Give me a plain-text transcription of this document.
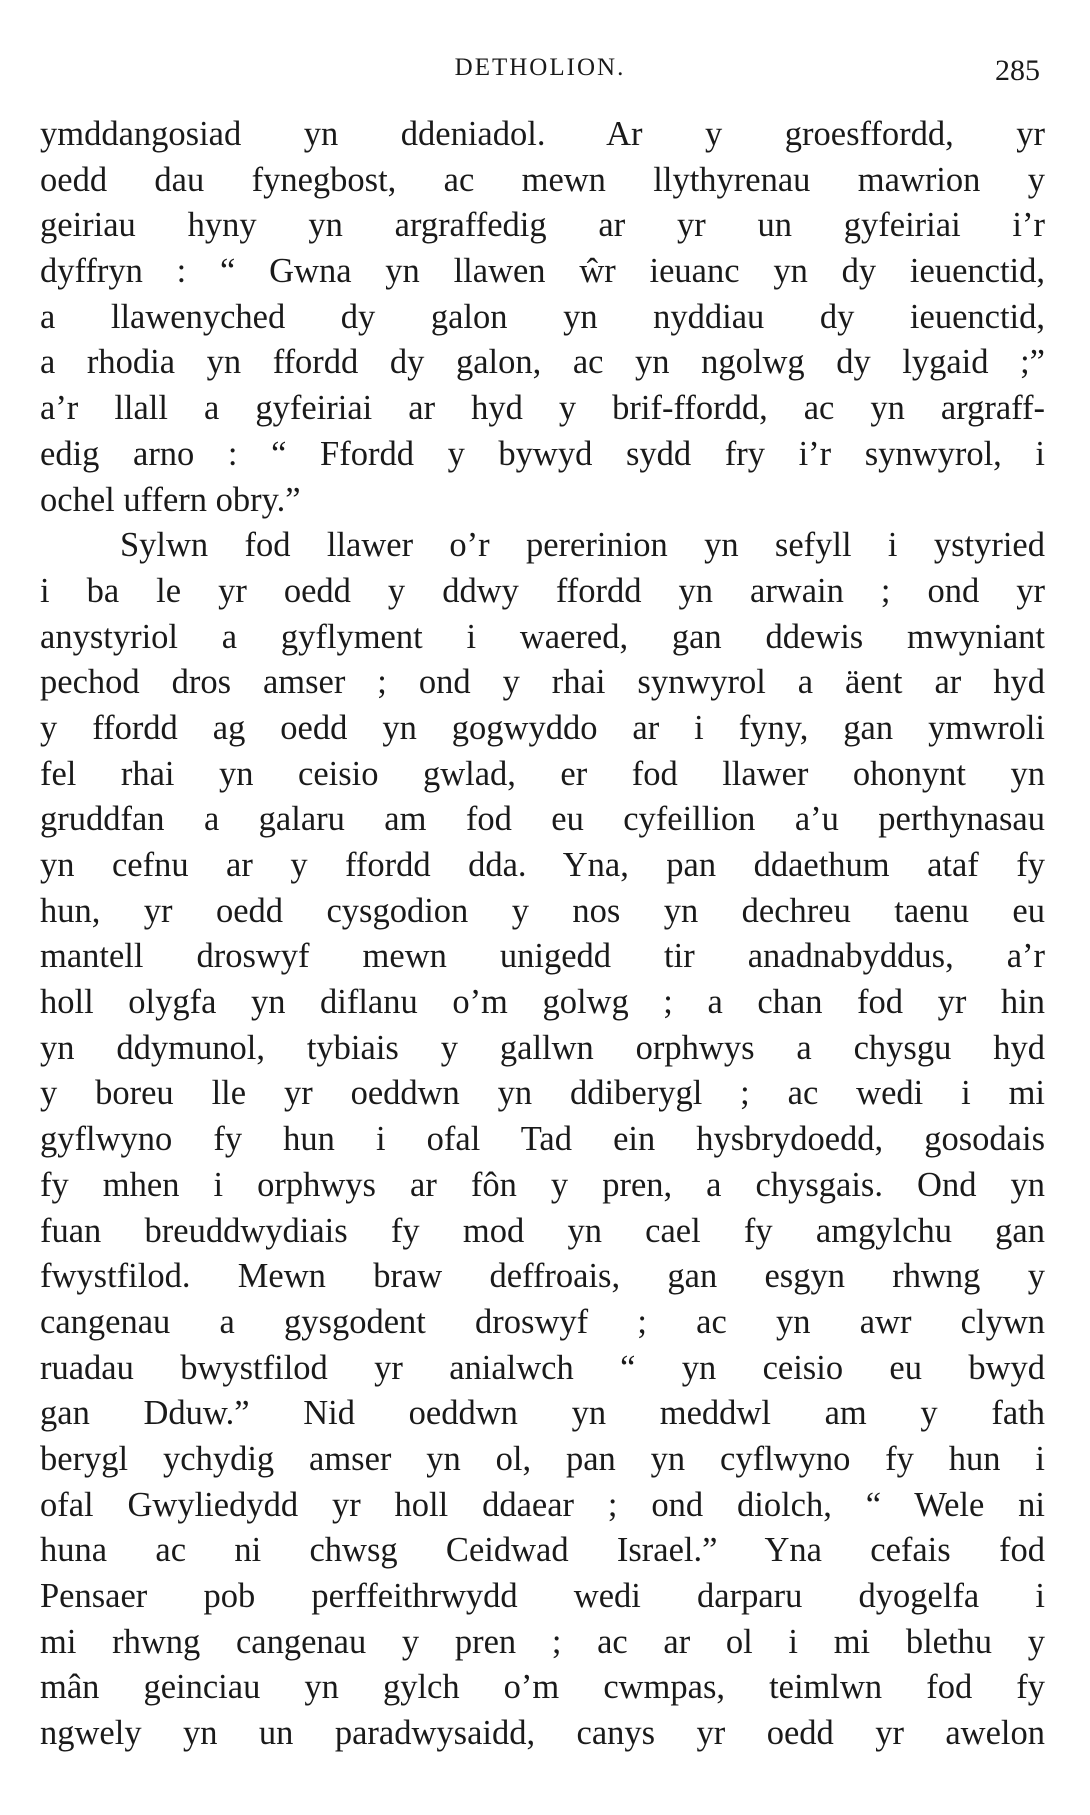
DETHOLION.	285
ymddangosiad yn ddeniadol. Ar y groesffordd, yr
oedd dau fynegbost, ac mewn llythyrenau mawrion y
geiriau hyny yn argraffedig ar yr un gyfeiriai i’r
dyffryn : “ Gwna yn llawen ŵr ieuanc yn dy ieuenctid,
a llawenyched dy galon yn nyddiau dy ieuenctid,
a rhodia yn ffordd dy galon, ac yn ngolwg dy lygaid ;”
a’r llall a gyfeiriai ar hyd y brif-ffordd, ac yn argraff-
edig arno : “ Ffordd y bywyd sydd fry i’r synwyrol, i
ochel uffern obry.”
Sylwn fod llawer o’r pererinion yn sefyll i ystyried
i ba le yr oedd y ddwy ffordd yn arwain ; ond yr
anystyriol a gyflyment i waered, gan ddewis mwyniant
pechod dros amser ; ond y rhai synwyrol a äent ar hyd
y ffordd ag oedd yn gogwyddo ar i fyny, gan ymwroli
fel rhai yn ceisio gwlad, er fod llawer ohonynt yn
gruddfan a galaru am fod eu cyfeillion a’u perthynasau
yn cefnu ar y ffordd dda. Yna, pan ddaethum ataf fy
hun, yr oedd cysgodion y nos yn dechreu taenu eu
mantell droswyf mewn unigedd tir anadnabyddus, a’r
holl olygfa yn diflanu o’m golwg ; a chan fod yr hin
yn ddymunol, tybiais y gallwn orphwys a chysgu hyd
y boreu lle yr oeddwn yn ddiberygl ; ac wedi i mi
gyflwyno fy hun i ofal Tad ein hysbrydoedd, gosodais
fy mhen i orphwys ar fôn y pren, a chysgais. Ond yn
fuan breuddwydiais fy mod yn cael fy amgylchu gan
fwystfilod. Mewn braw deffroais, gan esgyn rhwng y
cangenau a gysgodent droswyf ; ac yn awr clywn
ruadau bwystfilod yr anialwch “ yn ceisio eu bwyd
gan Dduw.” Nid oeddwn yn meddwl am y fath
berygl ychydig amser yn ol, pan yn cyflwyno fy hun i
ofal Gwyliedydd yr holl ddaear ; ond diolch, “ Wele ni
huna ac ni chwsg Ceidwad Israel.” Yna cefais fod
Pensaer pob perffeithrwydd wedi darparu dyogelfa i
mi rhwng cangenau y pren ; ac ar ol i mi blethu y
mân geinciau yn gylch o’m cwmpas, teimlwn fod fy
ngwely yn un paradwysaidd, canys yr oedd yr awelon
